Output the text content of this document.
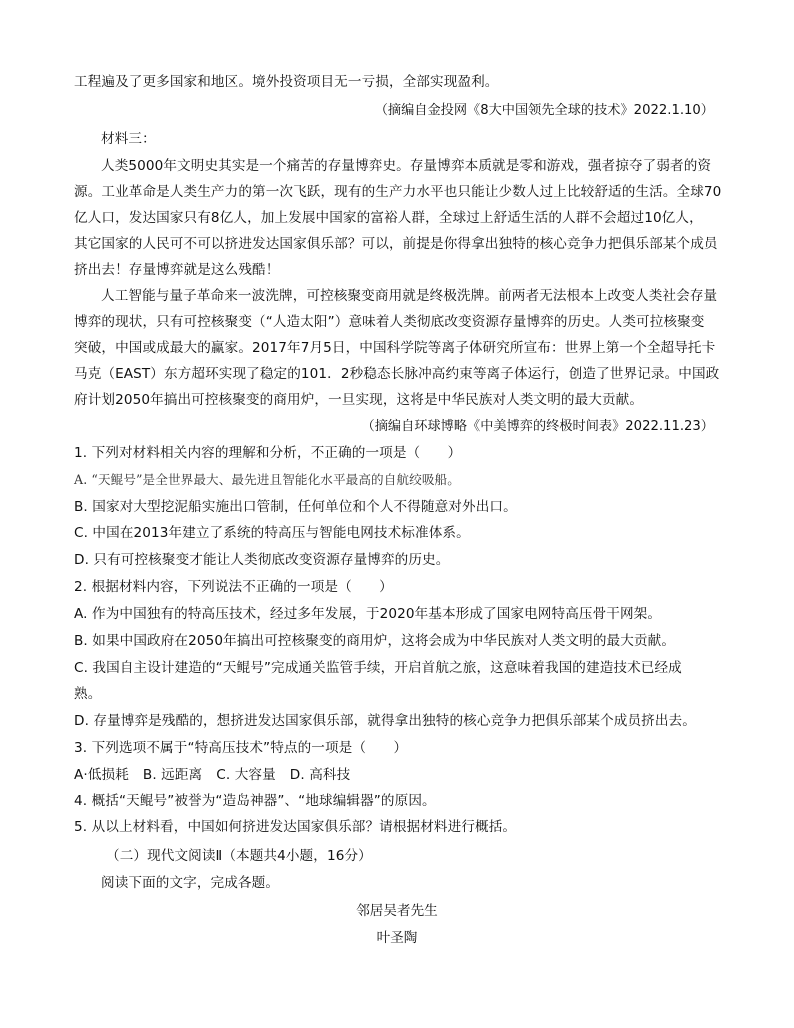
工程遍及了更多国家和地区。境外投资项目无一亏损，全部实现盈利。
（摘编自金投网《8大中国领先全球的技术》2022.1.10）
材料三：
人类5000年文明史其实是一个痛苦的存量博弈史。存量博弈本质就是零和游戏，强者掠夺了弱者的资
源。工业革命是人类生产力的第一次飞跃，现有的生产力水平也只能让少数人过上比较舒适的生活。全球70
亿人口，发达国家只有8亿人，加上发展中国家的富裕人群，全球过上舒适生活的人群不会超过10亿人，
其它国家的人民可不可以挤进发达国家俱乐部？可以，前提是你得拿出独特的核心竞争力把俱乐部某个成员
挤出去！存量博弈就是这么残酷！
人工智能与量子革命来一波洗牌，可控核聚变商用就是终极洗牌。前两者无法根本上改变人类社会存量
博弈的现状，只有可控核聚变（“人造太阳”）意味着人类彻底改变资源存量博弈的历史。人类可拉核聚变
突破，中国或成最大的赢家。2017年7月5日，中国科学院等离子体研究所宣布：世界上第一个全超导托卡
马克（EAST）东方超环实现了稳定的101．2秒稳态长脉冲高约束等离子体运行，创造了世界记录。中国政
府计划2050年搞出可控核聚变的商用炉，一旦实现，这将是中华民族对人类文明的最大贡献。
（摘编自环球博略《中美博弈的终极时间表》2022.11.23）
1. 下列对材料相关内容的理解和分析，不正确的一项是（　　）
A. “天鲲号”是全世界最大、最先进且智能化水平最高的自航绞吸船。
B. 国家对大型挖泥船实施出口管制，任何单位和个人不得随意对外出口。
C. 中国在2013年建立了系统的特高压与智能电网技术标准体系。
D. 只有可控核聚变才能让人类彻底改变资源存量博弈的历史。
2. 根据材料内容，下列说法不正确的一项是（　　）
A. 作为中国独有的特高压技术，经过多年发展，于2020年基本形成了国家电网特高压骨干网架。
B. 如果中国政府在2050年搞出可控核聚变的商用炉，这将会成为中华民族对人类文明的最大贡献。
C. 我国自主设计建造的“天鲲号”完成通关监管手续，开启首航之旅，这意味着我国的建造技术已经成
熟。
D. 存量博弈是残酷的，想挤进发达国家俱乐部，就得拿出独特的核心竞争力把俱乐部某个成员挤出去。
3. 下列选项不属于“特高压技术”特点的一项是（　　）
A·低损耗 B. 远距离 C. 大容量 D. 高科技
4. 概括“天鲲号”被誉为“造岛神器”、“地球编辑器”的原因。
5. 从以上材料看，中国如何挤进发达国家俱乐部？请根据材料进行概括。
（二）现代文阅读Ⅱ（本题共4小题，16分）
阅读下面的文字，完成各题。
邻居吴者先生
叶圣陶
